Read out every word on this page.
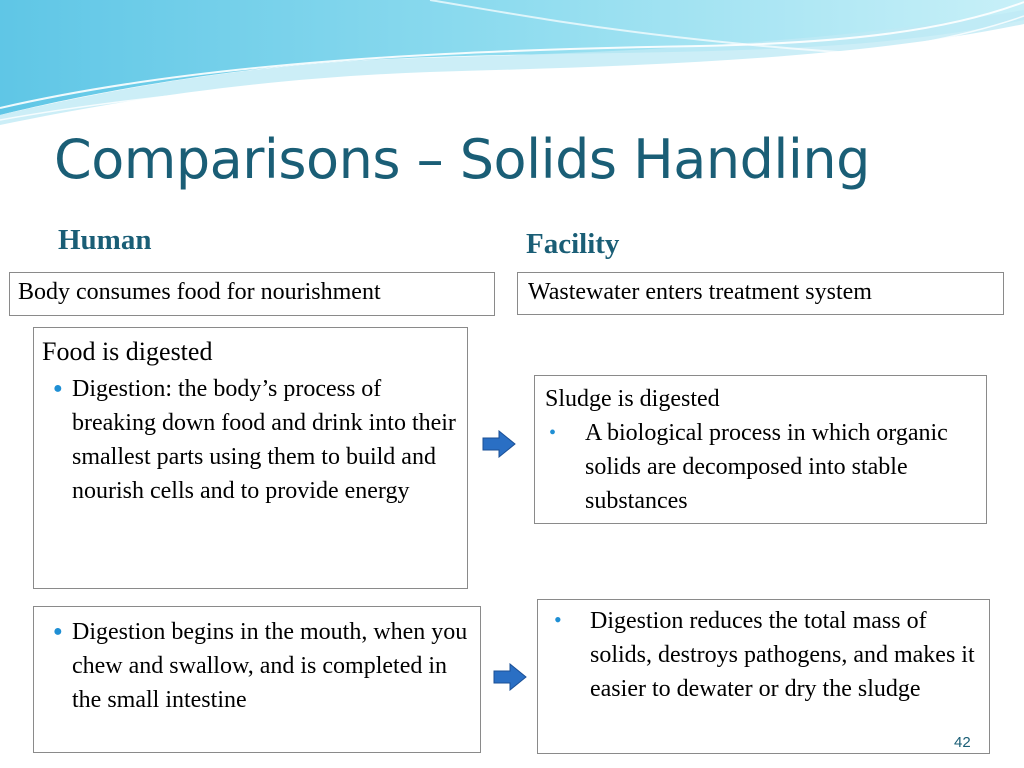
Comparisons – Solids Handling
Human	Facility
Body consumes food for nourishment	Wastewater enters treatment system
Food is digested
● Digestion: the body’s process of breaking down food and drink into their smallest parts using them to build and nourish cells and to provide energy
Sludge is digested
• A biological process in which organic solids are decomposed into stable substances
● Digestion begins in the mouth, when you chew and swallow, and is completed in the small intestine
• Digestion reduces the total mass of solids, destroys pathogens, and makes it easier to dewater or dry the sludge
42
